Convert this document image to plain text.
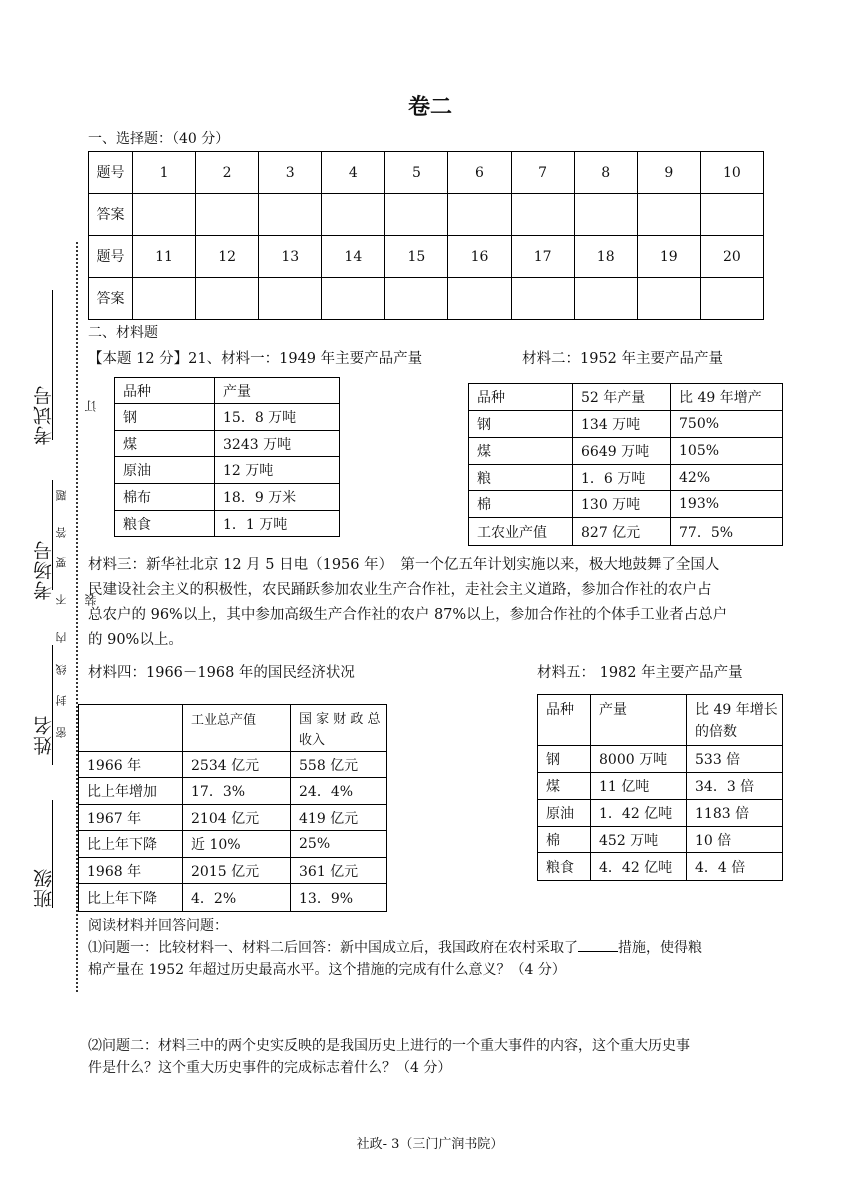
卷二
一、选择题：（40 分）
题号	1	2	3	4	5	6	7	8	9	10
答案										
题号	11	12	13	14	15	16	17	18	19	20
答案										
二、材料题
【本题 12 分】21、材料一：1949 年主要产品产量	材料二：1952 年主要产品产量
品种	产量
钢	15．8 万吨
煤	3243 万吨
原油	12 万吨
棉布	18．9 万米
粮食	1．1 万吨
品种	52 年产量	比 49 年增产
钢	134 万吨	750%
煤	6649 万吨	105%
粮	1．6 万吨	42%
棉	130 万吨	193%
工农业产值	827 亿元	77．5%
材料三：新华社北京 12 月 5 日电（1956 年）　第一个亿五年计划实施以来，极大地鼓舞了全国人
民建设社会主义的积极性，农民踊跃参加农业生产合作社，走社会主义道路，参加合作社的农户占
总农户的 96%以上，其中参加高级生产合作社的农户 87%以上，参加合作社的个体手工业者占总户
的 90%以上。
材料四：1966－1968 年的国民经济状况	材料五： 1982 年主要产品产量
	工业总产值	国 家 财 政 总收入
1966 年	2534 亿元	558 亿元
比上年增加	17．3%	24．4%
1967 年	2104 亿元	419 亿元
比上年下降	近 10%	25%
1968 年	2015 亿元	361 亿元
比上年下降	4．2%	13．9%
品种	产量	比 49 年增长的倍数
钢	8000 万吨	533 倍
煤	11 亿吨	34．3 倍
原油	1．42 亿吨	1183 倍
棉	452 万吨	10 倍
粮食	4．42 亿吨	4．4 倍
阅读材料并回答问题：
⑴问题一：比较材料一、材料二后回答：新中国成立后，我国政府在农村采取了	措施，使得粮
棉产量在 1952 年超过历史最高水平。这个措施的完成有什么意义？（4 分）
⑵问题二：材料三中的两个史实反映的是我国历史上进行的一个重大事件的内容，这个重大历史事
件是什么？这个重大历史事件的完成标志着什么？（4 分）
考试号
考场号
姓名
班级
订
题
答
要
不
内
线
封
密
装
社政- 3（三门广润书院）
